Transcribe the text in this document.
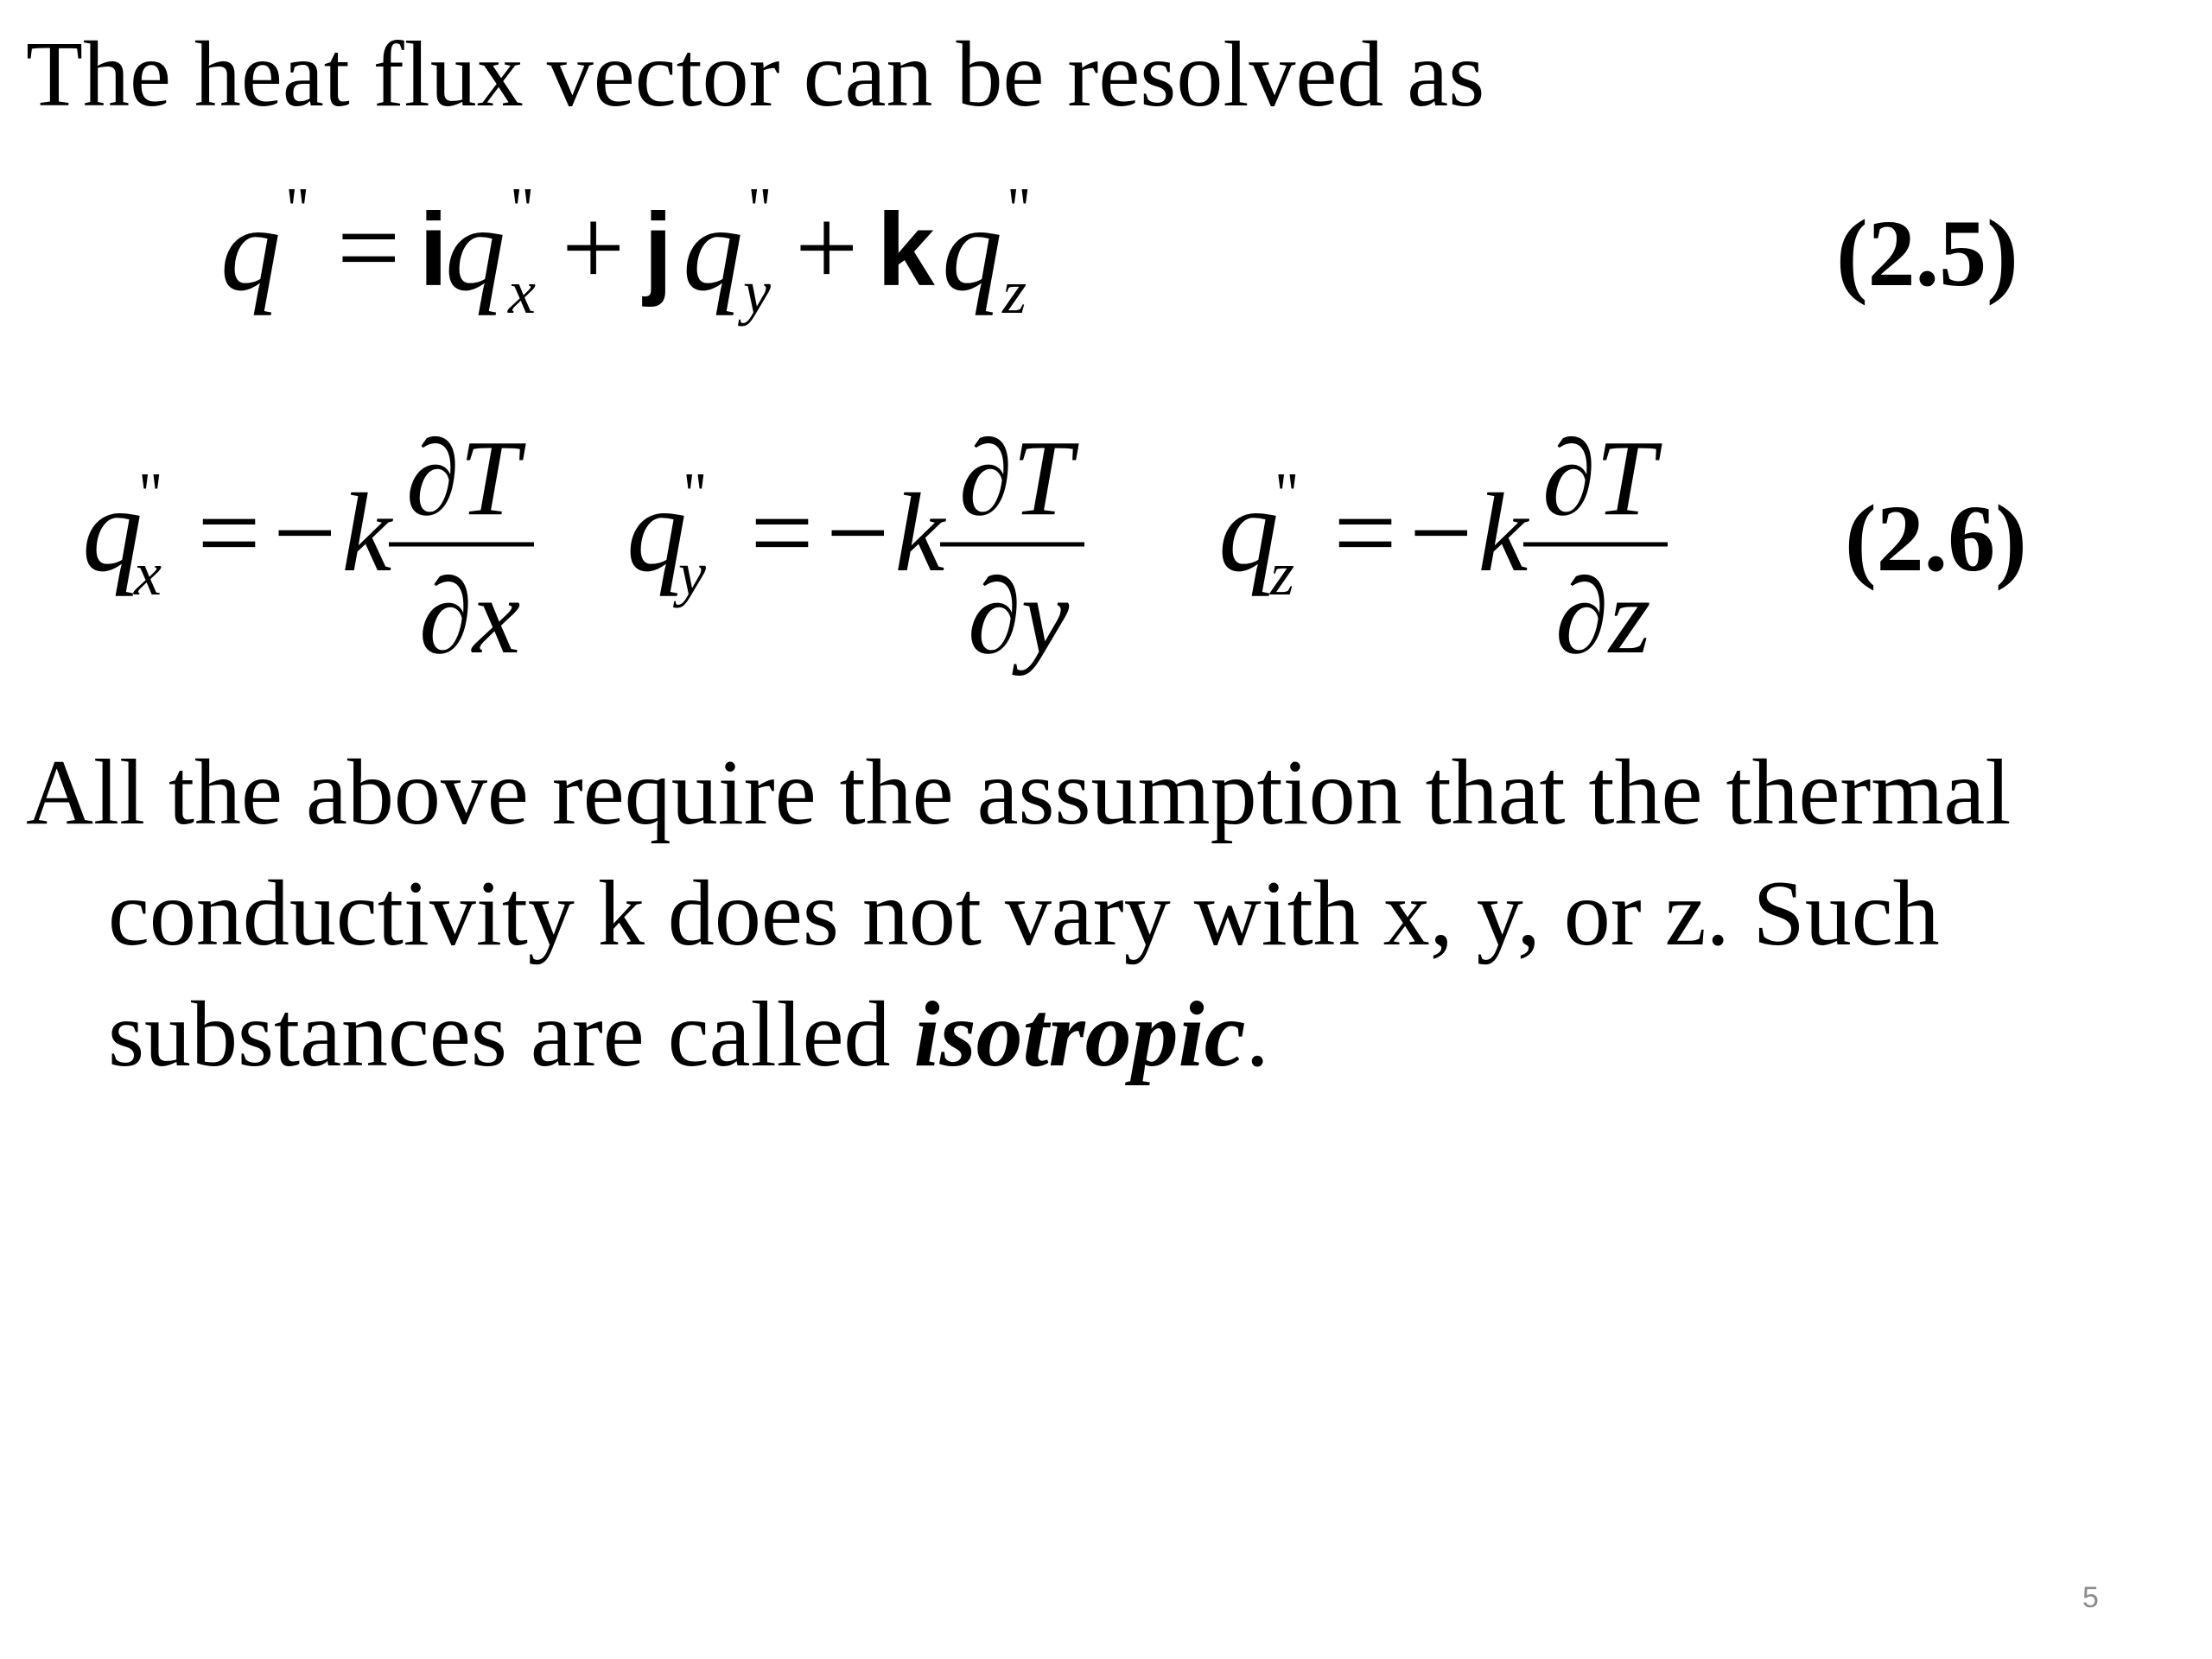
The heat flux vector can be resolved as
q " = i
q "
x + j q "
y + k q "
z	(2.5)
q
"
x =−k ∂T
∂x
q
"
y =−k ∂T
∂y
q
"
z =−k ∂T
∂z
(2.6)
All the above require the assumption that the thermal conductivity k does not vary with x, y, or z. Such substances are called isotropic.
5
